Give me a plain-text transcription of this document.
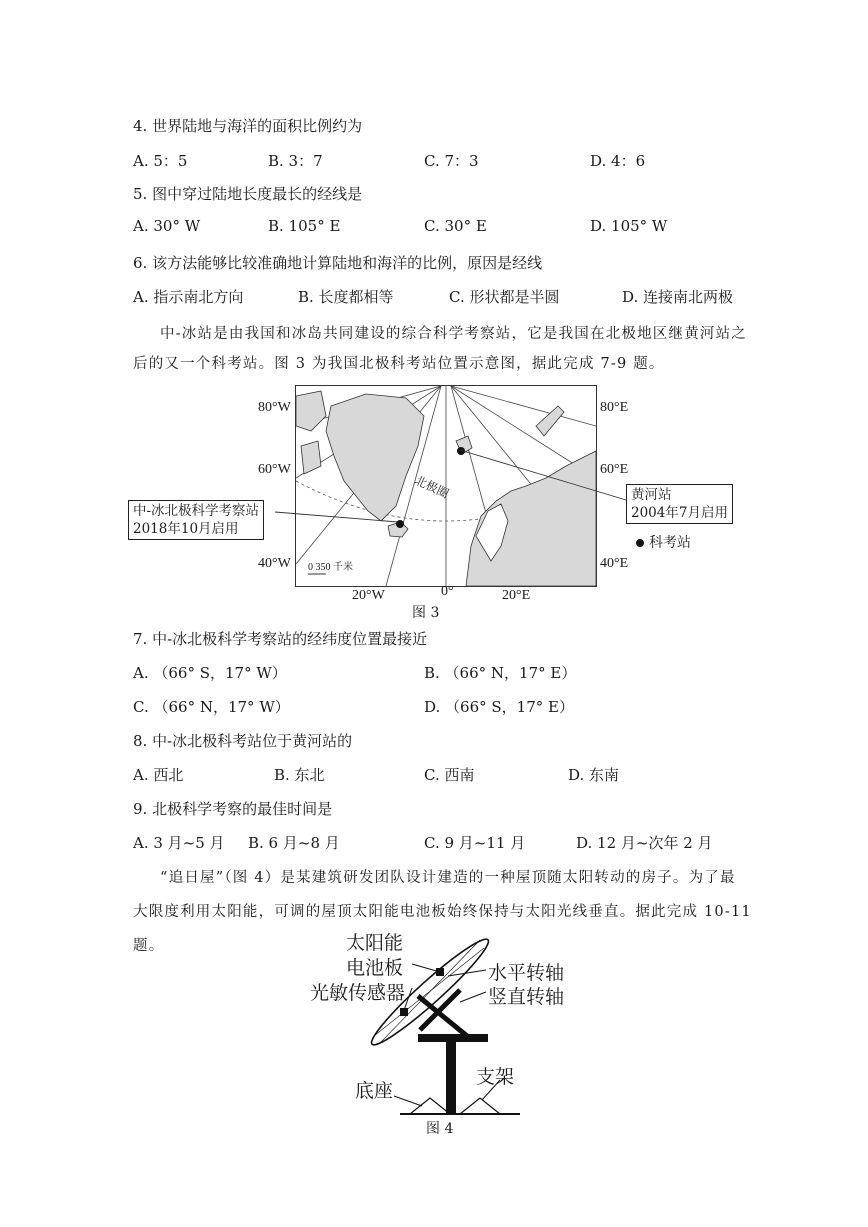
4. 世界陆地与海洋的面积比例约为
A. 5：5	B. 3：7	C. 7：3	D. 4：6
5. 图中穿过陆地长度最长的经线是
A. 30° W	B. 105° E	C. 30° E	D. 105° W
6. 该方法能够比较准确地计算陆地和海洋的比例，原因是经线
A. 指示南北方向	B. 长度都相等	C. 形状都是半圆	D. 连接南北两极
中-冰站是由我国和冰岛共同建设的综合科学考察站，它是我国在北极地区继黄河站之
后的又一个科考站。图 3 为我国北极科考站位置示意图，据此完成 7-9 题。
北极圈
0 350 千米
80°W
60°W
40°W
80°E
60°E
40°E
20°W	0°	20°E
中-冰北极科学考察站
2018年10月启用
黄河站
2004年7月启用
科考站
图 3
7. 中-冰北极科学考察站的经纬度位置最接近
A. （66° S，17° W）	B. （66° N，17° E）
C. （66° N，17° W）	D. （66° S，17° E）
8. 中-冰北极科考站位于黄河站的
A. 西北	B. 东北	C. 西南	D. 东南
9. 北极科学考察的最佳时间是
A. 3 月~5 月 B. 6 月~8 月	C. 9 月~11 月	D. 12 月~次年 2 月
“追日屋”（图 4）是某建筑研发团队设计建造的一种屋顶随太阳转动的房子。为了最
大限度利用太阳能，可调的屋顶太阳能电池板始终保持与太阳光线垂直。据此完成 10-11
题。	太阳能
电池板
光敏传感器
水平转轴
竖直转轴
底座
支架
图 4
